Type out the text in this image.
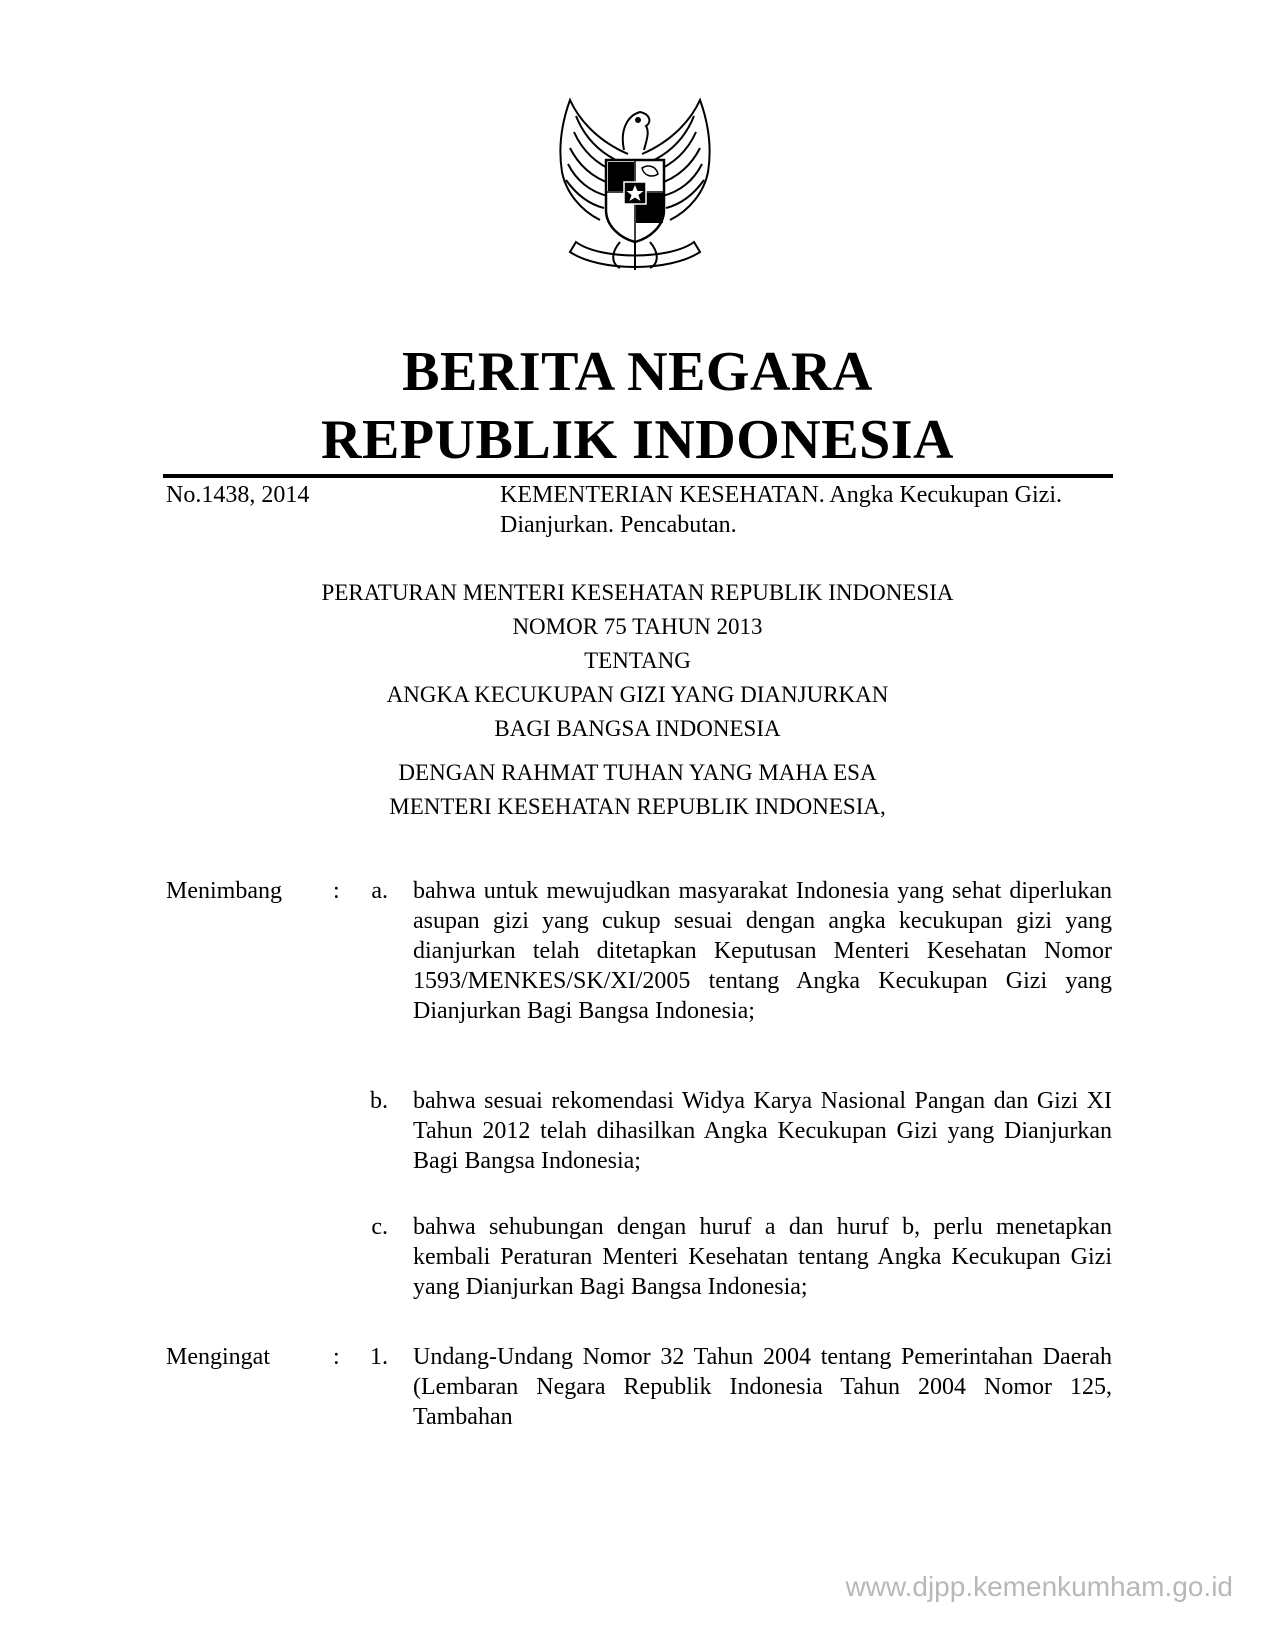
BERITA NEGARA
REPUBLIK INDONESIA
No.1438, 2014	KEMENTERIAN KESEHATAN. Angka Kecukupan Gizi. Dianjurkan. Pencabutan.
PERATURAN MENTERI KESEHATAN REPUBLIK INDONESIA
NOMOR 75 TAHUN 2013
TENTANG
ANGKA KECUKUPAN GIZI YANG DIANJURKAN
BAGI BANGSA INDONESIA
DENGAN RAHMAT TUHAN YANG MAHA ESA
MENTERI KESEHATAN REPUBLIK INDONESIA,
Menimbang :	a. bahwa untuk mewujudkan masyarakat Indonesia yang sehat diperlukan asupan gizi yang cukup sesuai dengan angka kecukupan gizi yang dianjurkan telah ditetapkan Keputusan Menteri Kesehatan Nomor 1593/MENKES/SK/XI/2005 tentang Angka Kecukupan Gizi yang Dianjurkan Bagi Bangsa Indonesia;
b. bahwa sesuai rekomendasi Widya Karya Nasional Pangan dan Gizi XI Tahun 2012 telah dihasilkan Angka Kecukupan Gizi yang Dianjurkan Bagi Bangsa Indonesia;
c. bahwa sehubungan dengan huruf a dan huruf b, perlu menetapkan kembali Peraturan Menteri Kesehatan tentang Angka Kecukupan Gizi yang Dianjurkan Bagi Bangsa Indonesia;
Mengingat	:	1. Undang-Undang Nomor 32 Tahun 2004 tentang Pemerintahan Daerah (Lembaran Negara Republik Indonesia Tahun 2004 Nomor 125, Tambahan
www.djpp.kemenkumham.go.id
